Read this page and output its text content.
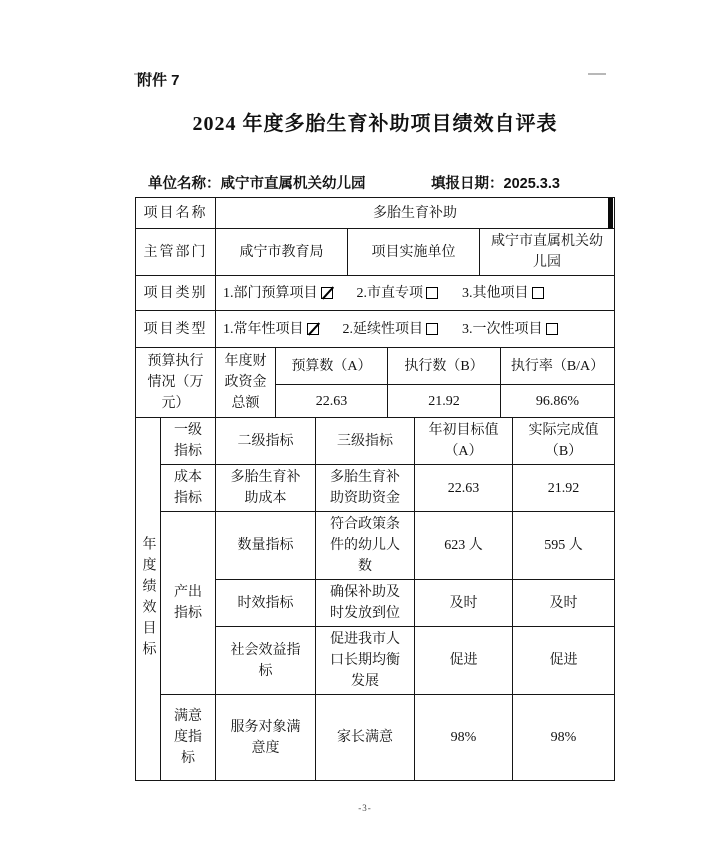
附件 7
2024 年度多胎生育补助项目绩效自评表
单位名称：咸宁市直属机关幼儿园	填报日期：2025.3.3
项目名称	多胎生育补助		
主管部门	咸宁市教育局	项目实施单位	咸宁市直属机关幼儿园
项目类别	1.部门预算项目 2.市直专项 3.其他项目		

项目类型	1.常年性项目 2.延续性项目 3.一次性项目		
预算执行情况（万元）	年度财政资金总额	预算数（A）	执行数（B）	执行率（B/A）
		22.63	21.92	96.86%
年度绩效目标	一级指标	二级指标	三级指标	年初目标值（A）	实际完成值（B）
	成本指标	多胎生育补助成本	多胎生育补助资助资金	22.63	21.92
	产出指标	数量指标	符合政策条件的幼儿人数	623 人	595 人
		时效指标	确保补助及时发放到位	及时	及时
		社会效益指标	促进我市人口长期均衡发展	促进	促进
	满意度指标	服务对象满意度	家长满意	98%	98%
-3-
